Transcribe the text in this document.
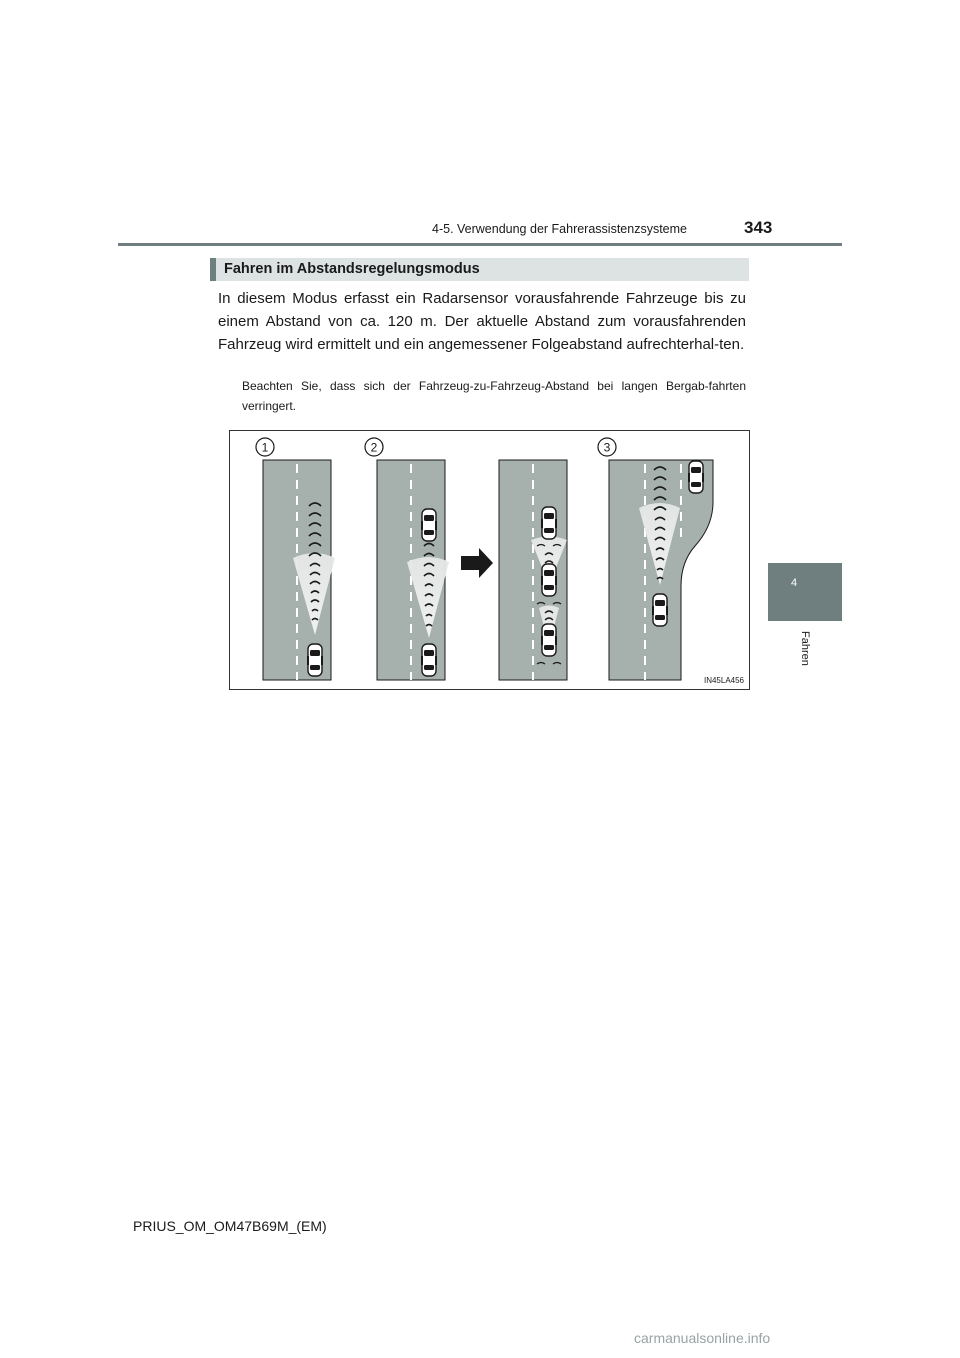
4-5. Verwendung der Fahrerassistenzsysteme	343
4
Fahren
Fahren im Abstandsregelungsmodus
In diesem Modus erfasst ein Radarsensor vorausfahrende Fahrzeuge bis zu einem Abstand von ca. 120 m. Der aktuelle Abstand zum vorausfahrenden Fahrzeug wird ermittelt und ein angemessener Folgeabstand aufrechterhal-ten.
Beachten Sie, dass sich der Fahrzeug-zu-Fahrzeug-Abstand bei langen Bergab-fahrten verringert.
1	2	3
IN45LA456
PRIUS_OM_OM47B69M_(EM)
carmanualsonline.info
